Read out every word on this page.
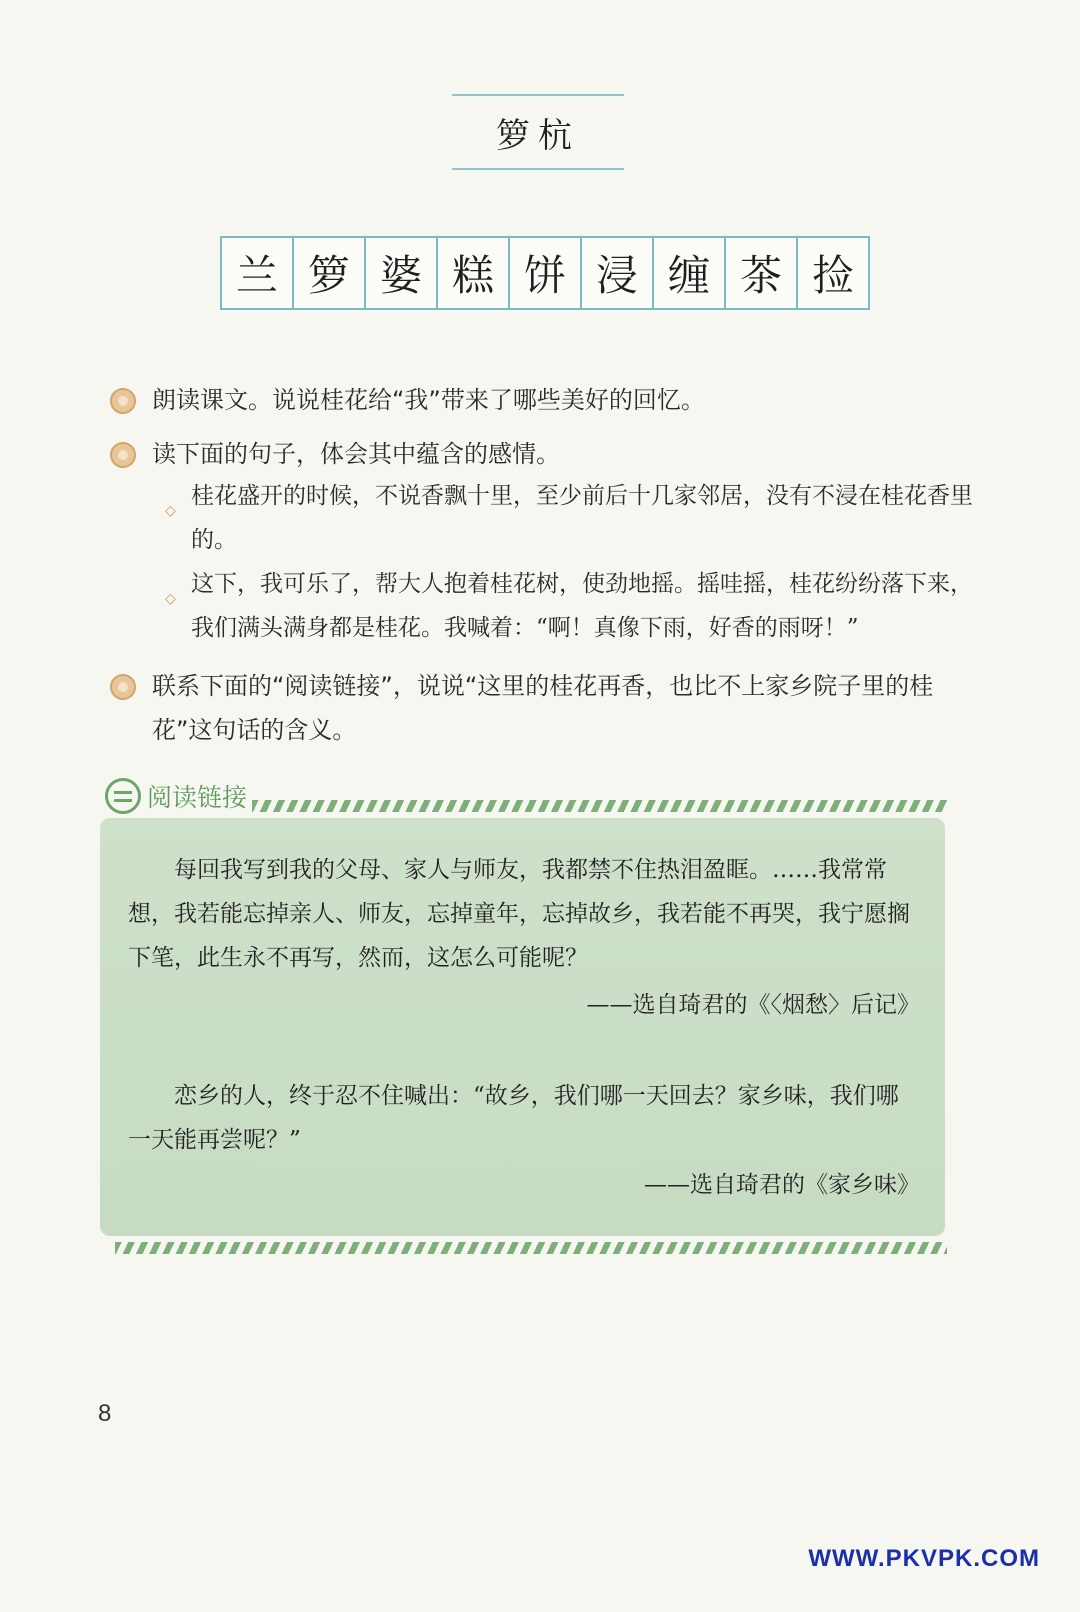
箩杭
兰 箩 婆 糕 饼 浸 缠 茶 捡
朗读课文。说说桂花给“我”带来了哪些美好的回忆。
读下面的句子，体会其中蕴含的感情。
◇
桂花盛开的时候，不说香飘十里，至少前后十几家邻居，没有不浸在桂花香里的。
◇
这下，我可乐了，帮大人抱着桂花树，使劲地摇。摇哇摇，桂花纷纷落下来，我们满头满身都是桂花。我喊着：“啊！真像下雨，好香的雨呀！”
联系下面的“阅读链接”，说说“这里的桂花再香，也比不上家乡院子里的桂花”这句话的含义。
阅读链接
每回我写到我的父母、家人与师友，我都禁不住热泪盈眶。……我常常想，我若能忘掉亲人、师友，忘掉童年，忘掉故乡，我若能不再哭，我宁愿搁下笔，此生永不再写，然而，这怎么可能呢？
——选自琦君的《〈烟愁〉后记》
恋乡的人，终于忍不住喊出：“故乡，我们哪一天回去？家乡味，我们哪一天能再尝呢？”
——选自琦君的《家乡味》
8
WWW.PKVPK.COM
